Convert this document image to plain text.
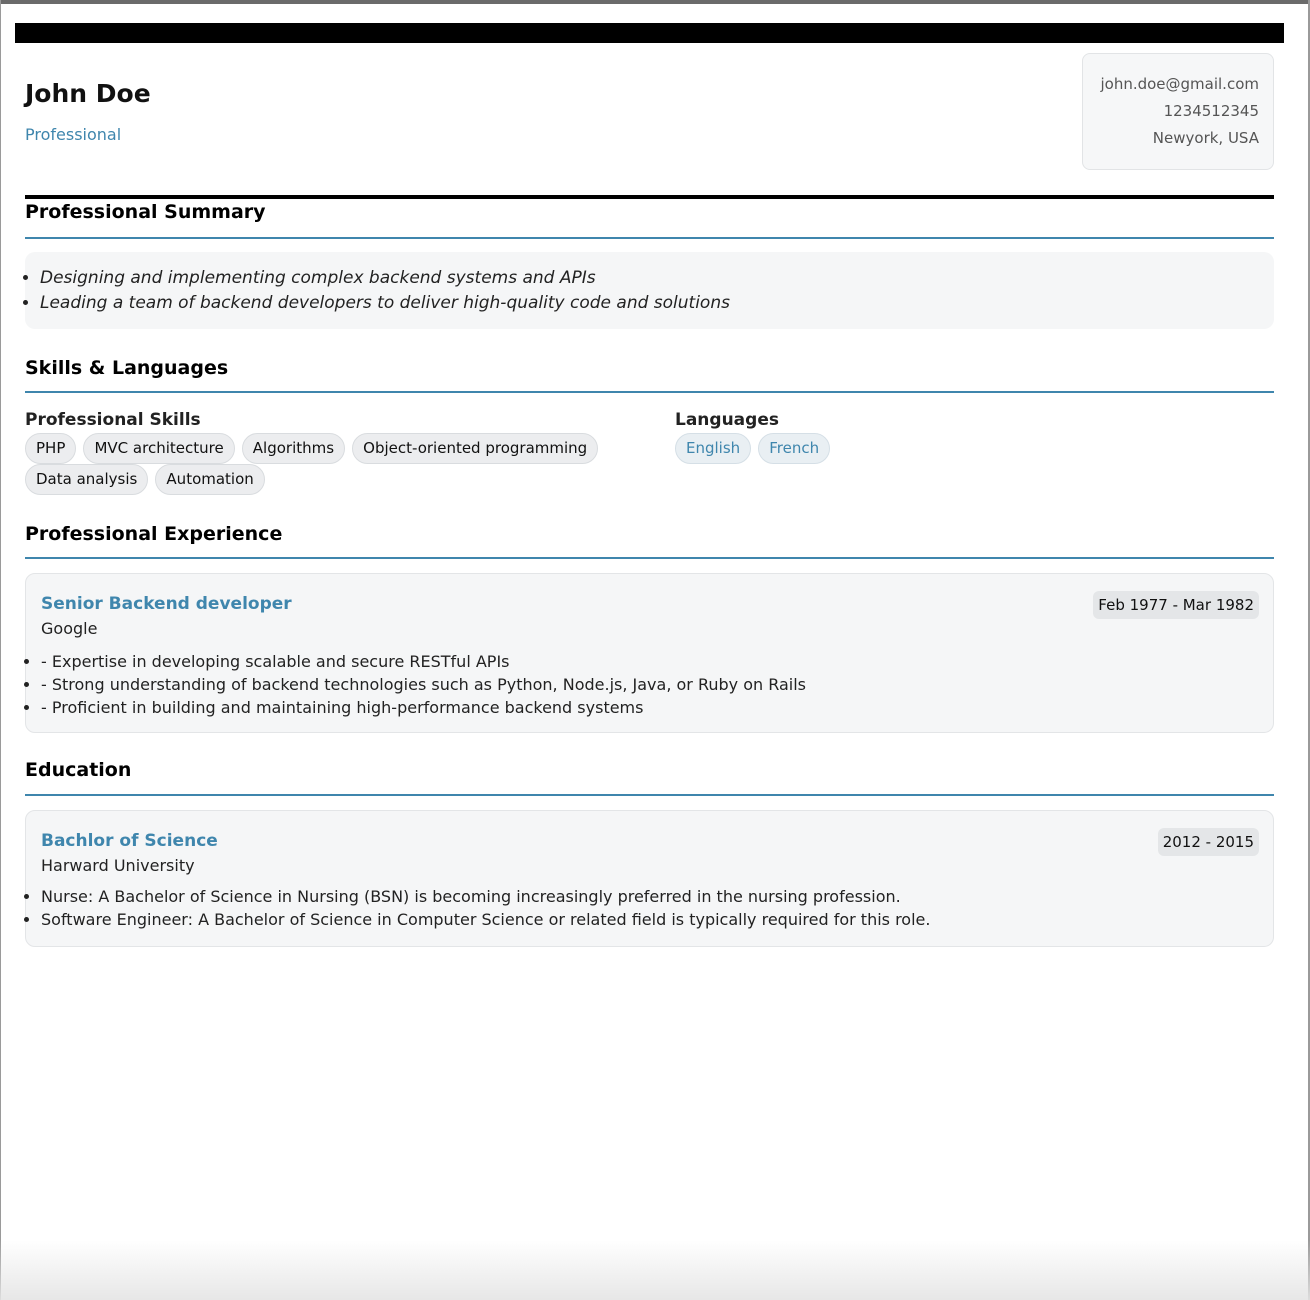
John Doe
Professional
john.doe@gmail.com
1234512345
Newyork, USA
Professional Summary
• Designing and implementing complex backend systems and APIs
• Leading a team of backend developers to deliver high-quality code and solutions
Skills & Languages
Professional Skills	Languages
PHP MVC architecture Algorithms Object-oriented programming
Data analysis Automation
English French
Professional Experience
Senior Backend developer
Google
Feb 1977 - Mar 1982
• - Expertise in developing scalable and secure RESTful APIs
• - Strong understanding of backend technologies such as Python, Node.js, Java, or Ruby on Rails
• - Proficient in building and maintaining high-performance backend systems
Education
Bachlor of Science
Harward University
2012 - 2015
• Nurse: A Bachelor of Science in Nursing (BSN) is becoming increasingly preferred in the nursing profession.
• Software Engineer: A Bachelor of Science in Computer Science or related field is typically required for this role.
